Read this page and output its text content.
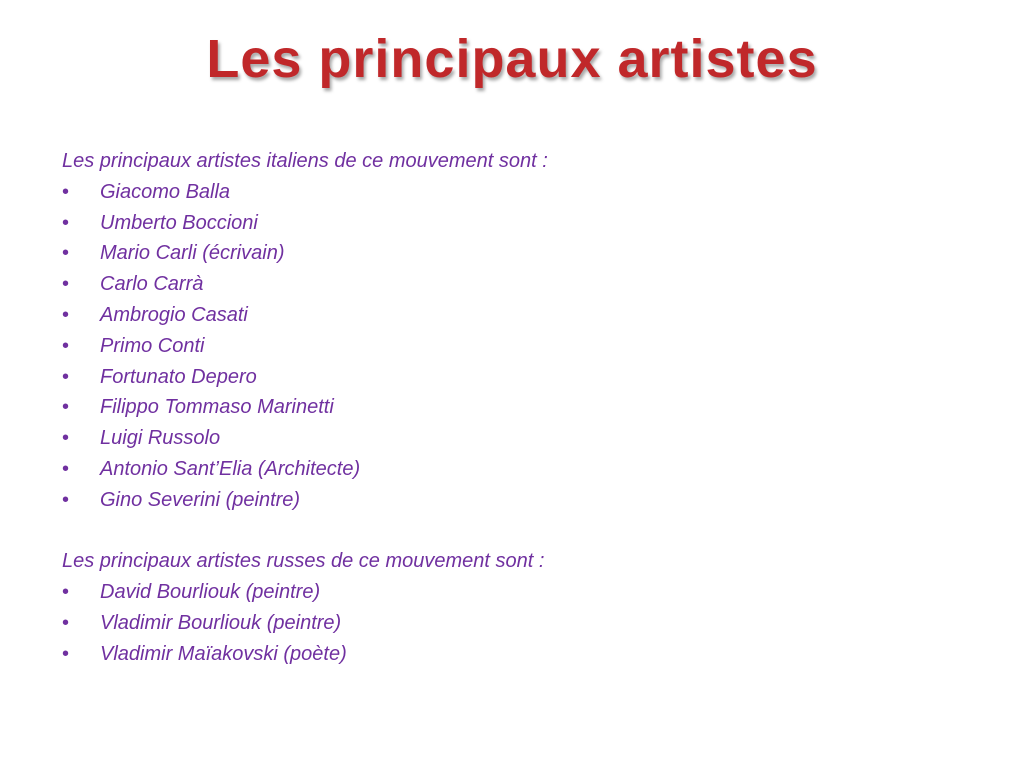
Les principaux artistes

Les principaux artistes italiens de ce mouvement sont :

• Giacomo Balla
• Umberto Boccioni
• Mario Carli (écrivain)
• Carlo Carrà
• Ambrogio Casati
• Primo Conti
• Fortunato Depero
• Filippo Tommaso Marinetti
• Luigi Russolo
• Antonio Sant’Elia (Architecte)
• Gino Severini (peintre)

Les principaux artistes russes de ce mouvement sont :

• David Bourliouk (peintre)
• Vladimir Bourliouk (peintre)
• Vladimir Maïakovski (poète)
